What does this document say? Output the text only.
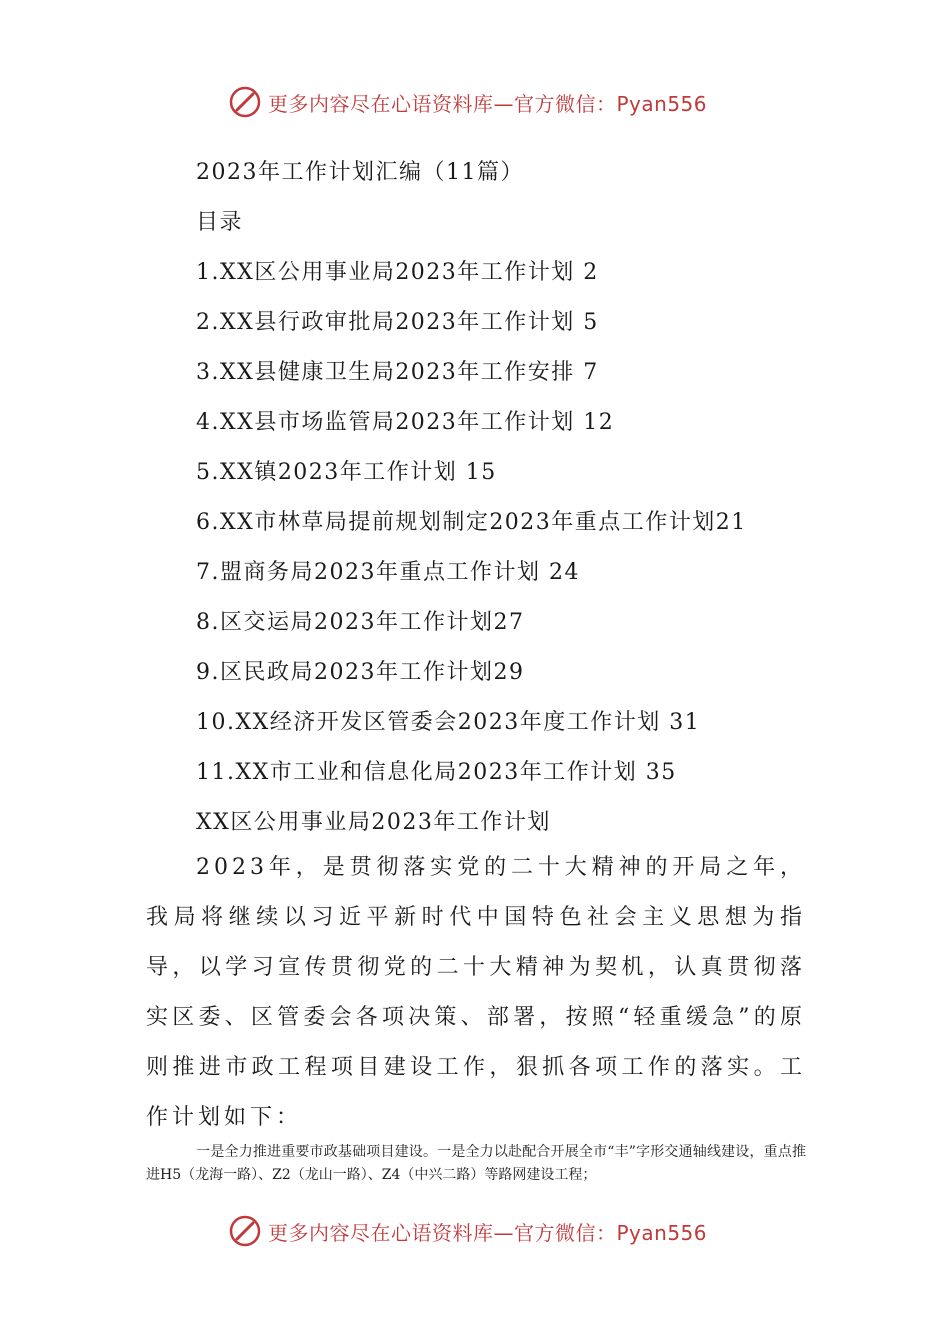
更多内容尽在心语资料库—官方微信：Pyan556
2023年工作计划汇编（11篇）
目录
1.XX区公用事业局2023年工作计划 2
2.XX县行政审批局2023年工作计划 5
3.XX县健康卫生局2023年工作安排 7
4.XX县市场监管局2023年工作计划 12
5.XX镇2023年工作计划 15
6.XX市林草局提前规划制定2023年重点工作计划21
7.盟商务局2023年重点工作计划 24
8.区交运局2023年工作计划27
9.区民政局2023年工作计划29
10.XX经济开发区管委会2023年度工作计划 31
11.XX市工业和信息化局2023年工作计划 35
XX区公用事业局2023年工作计划

2023年，是贯彻落实党的二十大精神的开局之年，我局将继续以习近平新时代中国特色社会主义思想为指导，以学习宣传贯彻党的二十大精神为契机，认真贯彻落实区委、区管委会各项决策、部署，按照“轻重缓急”的原则推进市政工程项目建设工作，狠抓各项工作的落实。工作计划如下：

一是全力推进重要市政基础项目建设。一是全力以赴配合开展全市“丰”字形交通轴线建设，重点推进H5（龙海一路）、Z2（龙山一路）、Z4（中兴二路）等路网建设工程；

更多内容尽在心语资料库—官方微信：Pyan556
